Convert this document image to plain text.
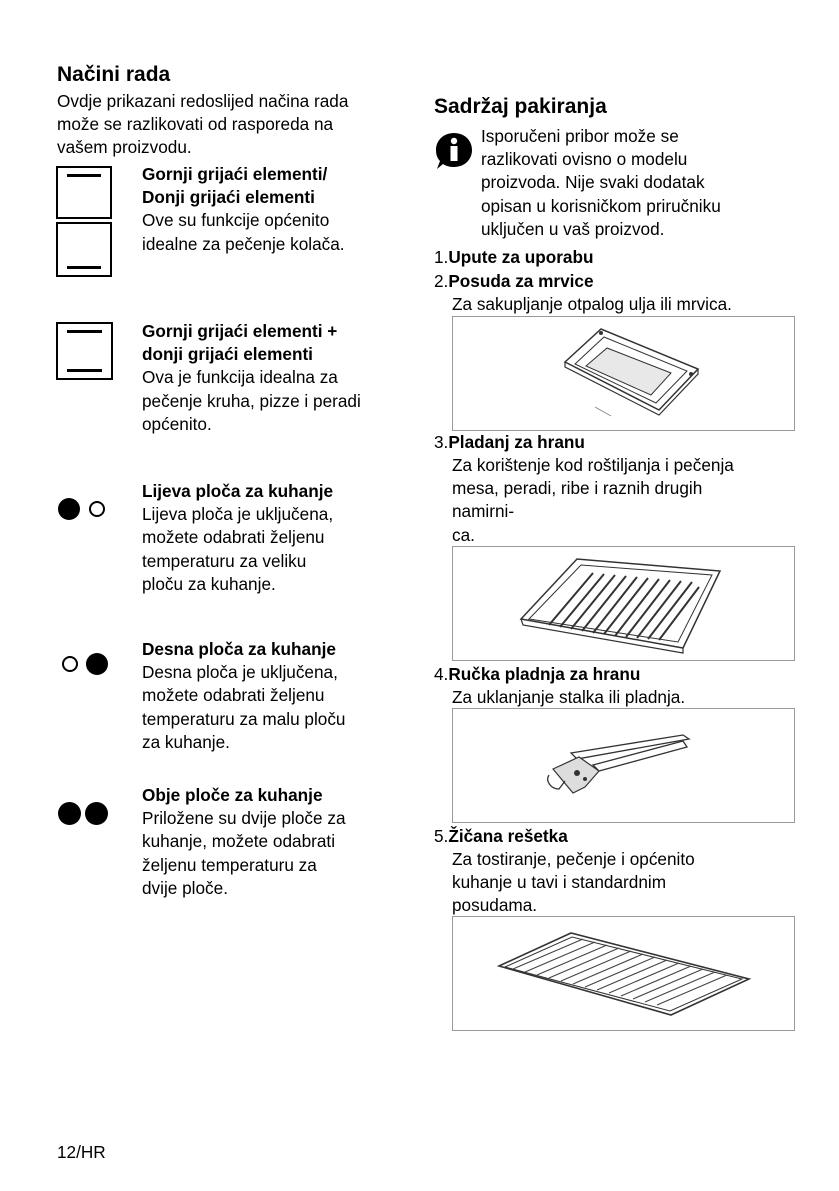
Načini rada
Ovdje prikazani redoslijed načina rada
može se razlikovati od rasporeda na
vašem proizvodu.
Gornji grijaći elementi/
Donji grijaći elementi
Ove su funkcije općenito
idealne za pečenje kolača.
Gornji grijaći elementi +
donji grijaći elementi
Ova je funkcija idealna za
pečenje kruha, pizze i peradi
općenito.
Lijeva ploča za kuhanje
Lijeva ploča je uključena,
možete odabrati željenu
temperaturu za veliku
ploču za kuhanje.
Desna ploča za kuhanje
Desna ploča je uključena,
možete odabrati željenu
temperaturu za malu ploču
za kuhanje.
Obje ploče za kuhanje
Priložene su dvije ploče za
kuhanje, možete odabrati
željenu temperaturu za
dvije ploče.
Sadržaj pakiranja
Isporučeni pribor može se
razlikovati ovisno o modelu
proizvoda. Nije svaki dodatak
opisan u korisničkom priručniku
uključen u vaš proizvod.
1.Upute za uporabu
2.Posuda za mrvice
Za sakupljanje otpalog ulja ili mrvica.
3.Pladanj za hranu
Za korištenje kod roštiljanja i pečenja
mesa, peradi, ribe i raznih drugih
namirni-
ca.
4.Ručka pladnja za hranu
Za uklanjanje stalka ili pladnja.
5.Žičana rešetka
Za tostiranje, pečenje i općenito
kuhanje u tavi i standardnim
posudama.
12/HR
